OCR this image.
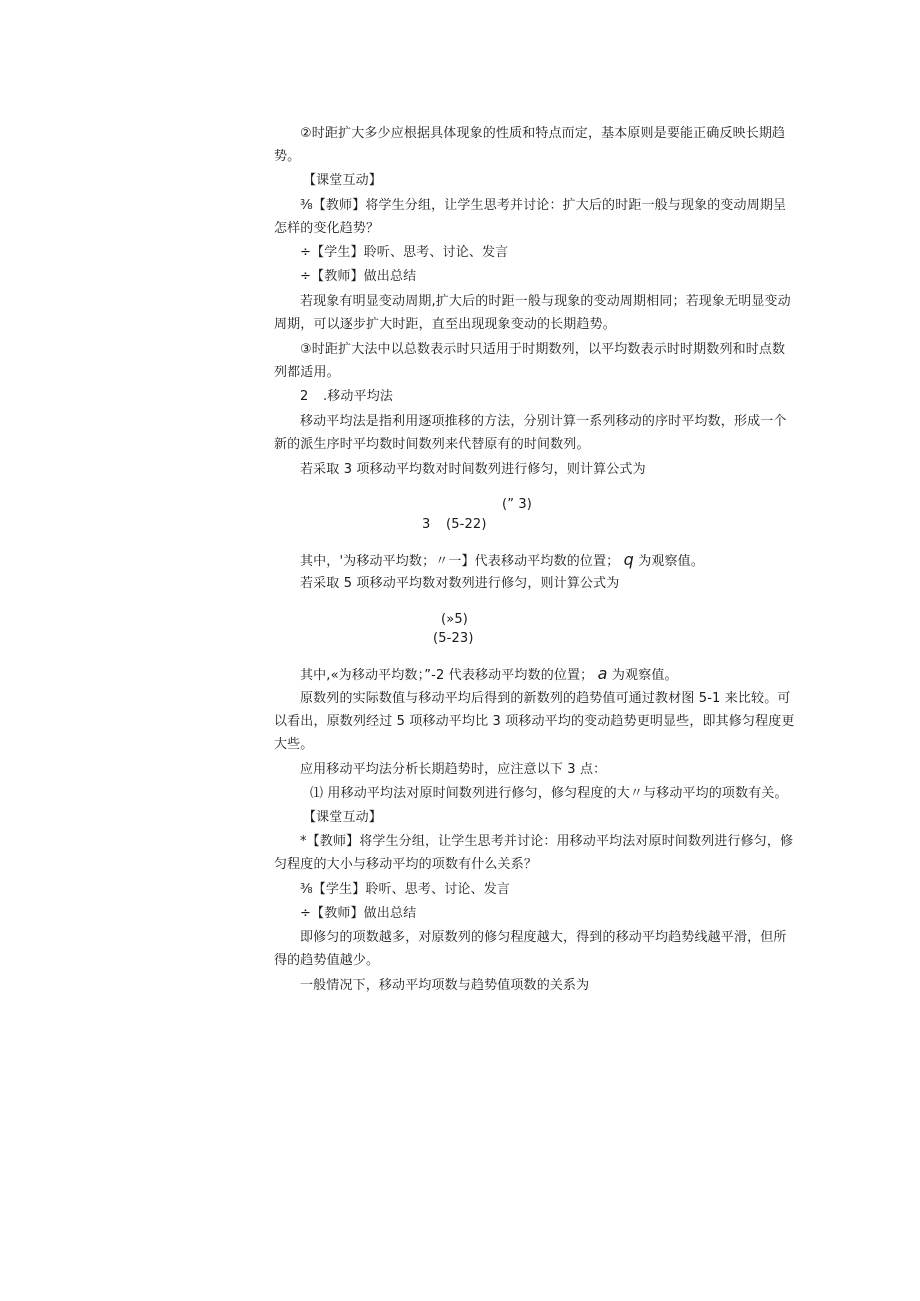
②时距扩大多少应根据具体现象的性质和特点而定，基本原则是要能正确反映长期趋

势。

【课堂互动】

⅜【教师】将学生分组，让学生思考并讨论：扩大后的时距一般与现象的变动周期呈

怎样的变化趋势？

÷【学生】聆听、思考、讨论、发言

÷【教师】做出总结

若现象有明显变动周期,扩大后的时距一般与现象的变动周期相同；若现象无明显变动

周期，可以逐步扩大时距，直至出现现象变动的长期趋势。

③时距扩大法中以总数表示时只适用于时期数列，以平均数表示时时期数列和时点数

列都适用。

2 .移动平均法

移动平均法是指利用逐项推移的方法，分别计算一系列移动的序时平均数，形成一个

新的派生序时平均数时间数列来代替原有的时间数列。

若采取 3 项移动平均数对时间数列进行修匀，则计算公式为

(” 3)

3 (5-22)

其中，'为移动平均数；〃一】代表移动平均数的位置； q 为观察值。

若采取 5 项移动平均数对数列进行修匀，则计算公式为

(»5)

(5-23)

其中,«为移动平均数；”-2 代表移动平均数的位置； a 为观察值。

原数列的实际数值与移动平均后得到的新数列的趋势值可通过教材图 5-1 来比较。可

以看出，原数列经过 5 项移动平均比 3 项移动平均的变动趋势更明显些，即其修匀程度更

大些。

应用移动平均法分析长期趋势时，应注意以下 3 点：

⑴ 用移动平均法对原时间数列进行修匀，修匀程度的大〃与移动平均的项数有关。

【课堂互动】

*【教师】将学生分组，让学生思考并讨论：用移动平均法对原时间数列进行修匀，修

匀程度的大小与移动平均的项数有什么关系？

⅜【学生】聆听、思考、讨论、发言

÷【教师】做出总结

即修匀的项数越多，对原数列的修匀程度越大，得到的移动平均趋势线越平滑，但所

得的趋势值越少。

一般情况下，移动平均项数与趋势值项数的关系为
